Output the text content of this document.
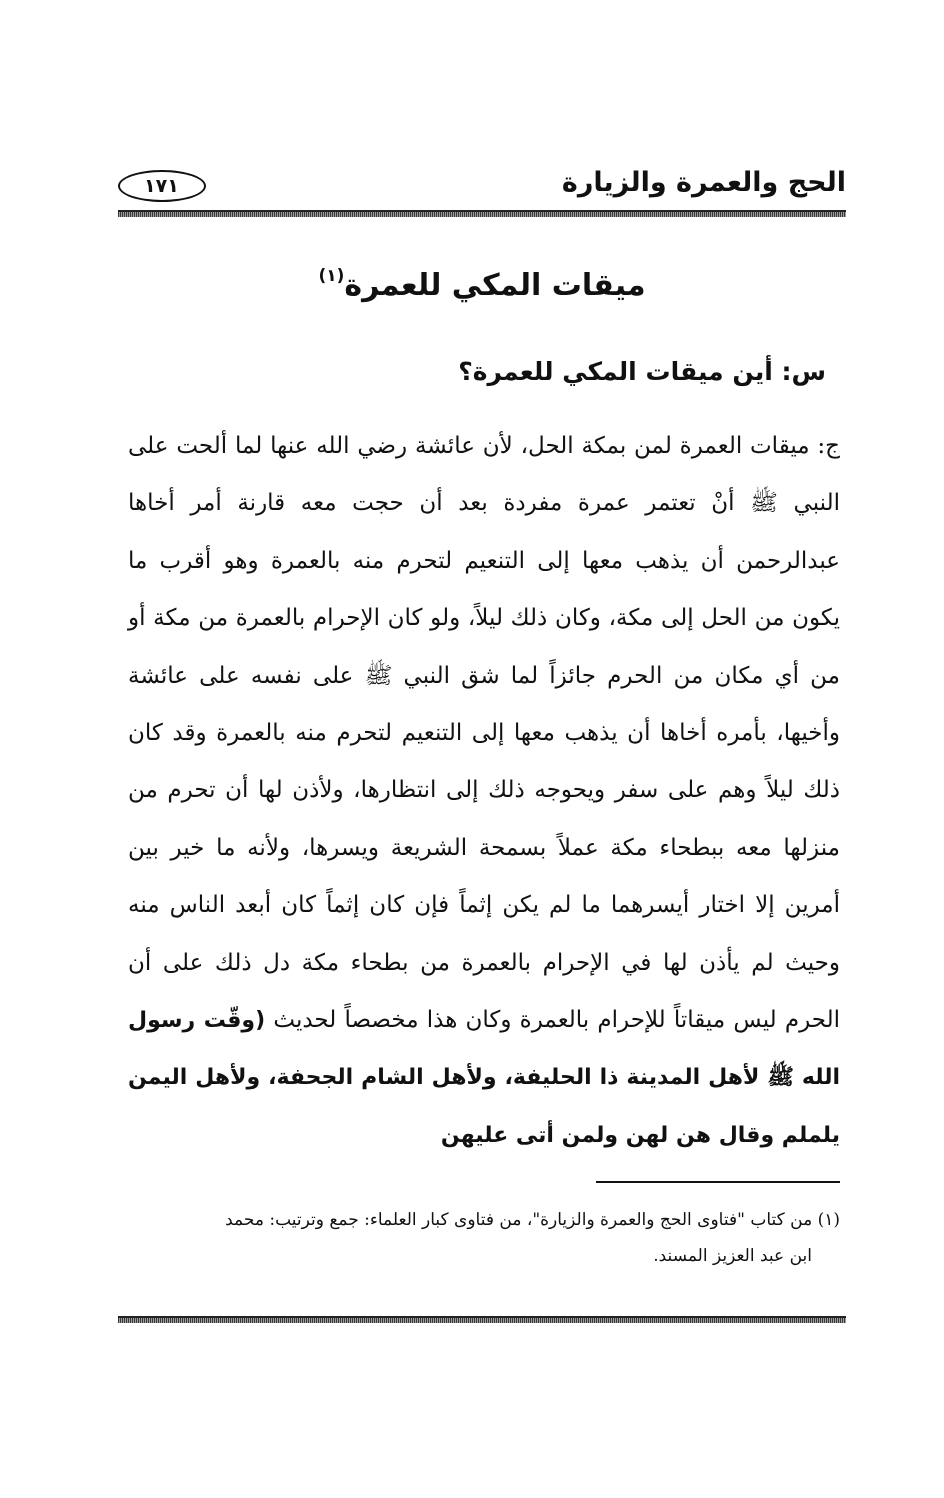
الحج والعمرة والزيارة
١٧١
ميقات المكي للعمرة$^{(١)}$
س: أين ميقات المكي للعمرة؟
ج: ميقات العمرة لمن بمكة الحل، لأن عائشة رضي الله عنها لما ألحت على النبي ﷺ أنْ تعتمر عمرة مفردة بعد أن حجت معه قارنة أمر أخاها عبدالرحمن أن يذهب معها إلى التنعيم لتحرم منه بالعمرة وهو أقرب ما يكون من الحل إلى مكة، وكان ذلك ليلاً، ولو كان الإحرام بالعمرة من مكة أو من أي مكان من الحرم جائزاً لما شق النبي ﷺ على نفسه على عائشة وأخيها، بأمره أخاها أن يذهب معها إلى التنعيم لتحرم منه بالعمرة وقد كان ذلك ليلاً وهم على سفر ويحوجه ذلك إلى انتظارها، ولأذن لها أن تحرم من منزلها معه ببطحاء مكة عملاً بسمحة الشريعة ويسرها، ولأنه ما خير بين أمرين إلا اختار أيسرهما ما لم يكن إثماً فإن كان إثماً كان أبعد الناس منه وحيث لم يأذن لها في الإحرام بالعمرة من بطحاء مكة دل ذلك على أن الحرم ليس ميقاتاً للإحرام بالعمرة وكان هذا مخصصاً لحديث (وقّت رسول الله ﷺ لأهل المدينة ذا الحليفة، ولأهل الشام الجحفة، ولأهل اليمن يلملم وقال هن لهن ولمن أتى عليهن
(١) من كتاب "فتاوى الحج والعمرة والزيارة"، من فتاوى كبار العلماء: جمع وترتيب: محمد
ابن عبد العزيز المسند.
